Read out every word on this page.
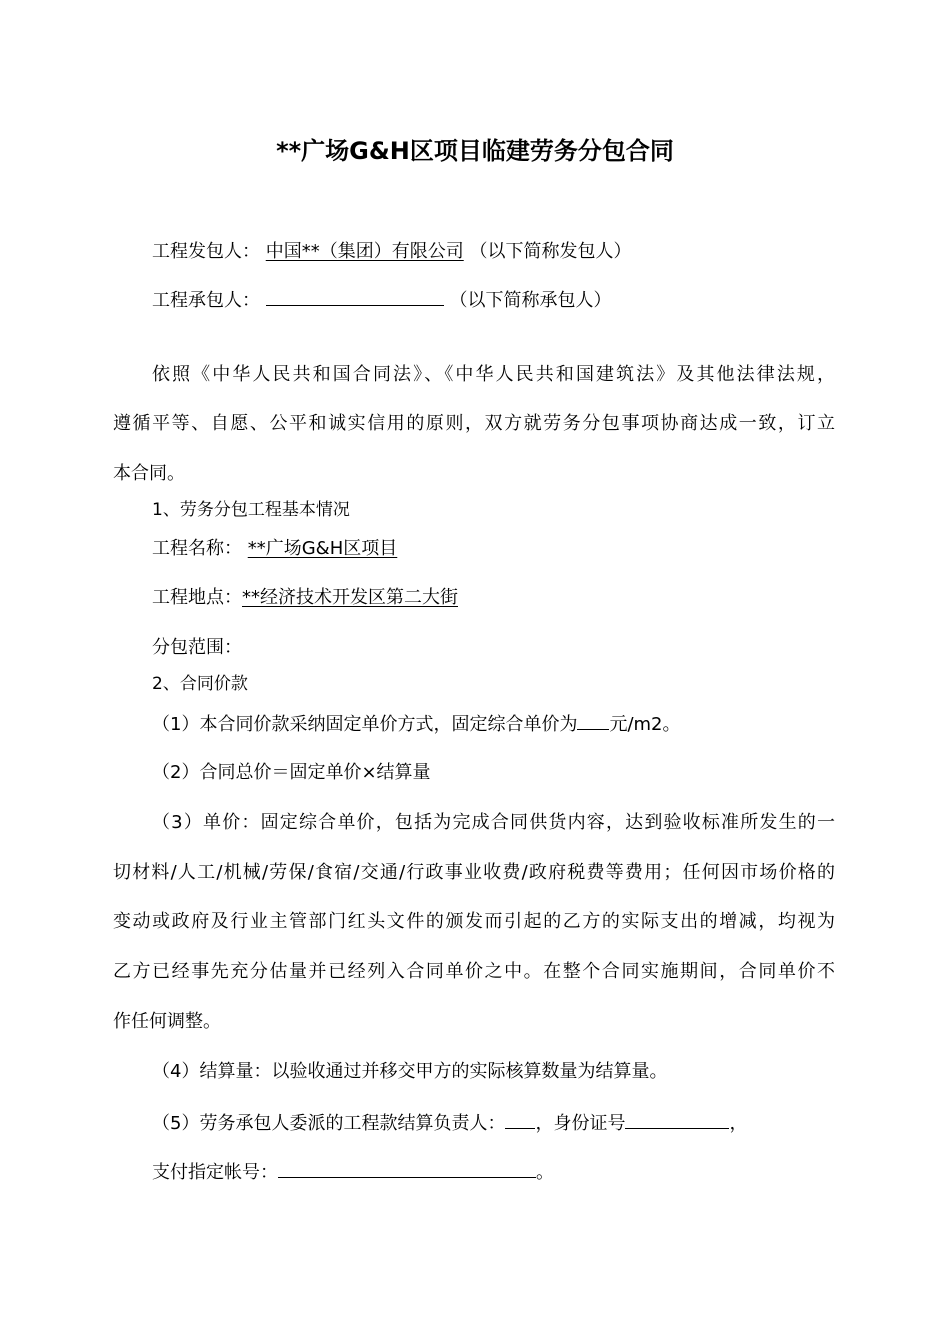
**广场G&H区项目临建劳务分包合同
工程发包人： 中国**（集团）有限公司 （以下简称发包人）
工程承包人：	（以下简称承包人）
依照《中华人民共和国合同法》、《中华人民共和国建筑法》及其他法律法规，
遵循平等、自愿、公平和诚实信用的原则，双方就劳务分包事项协商达成一致，订立
本合同。
1、劳务分包工程基本情况
工程名称： **广场G&H区项目
工程地点：**经济技术开发区第二大街
分包范围：
2、合同价款
（1）本合同价款采纳固定单价方式，固定综合单价为 元/m2。
（2）合同总价＝固定单价×结算量
（3）单价：固定综合单价，包括为完成合同供货内容，达到验收标准所发生的一
切材料/人工/机械/劳保/食宿/交通/行政事业收费/政府税费等费用；任何因市场价格的
变动或政府及行业主管部门红头文件的颁发而引起的乙方的实际支出的增减，均视为
乙方已经事先充分估量并已经列入合同单价之中。在整个合同实施期间，合同单价不
作任何调整。
（4）结算量：以验收通过并移交甲方的实际核算数量为结算量。
（5）劳务承包人委派的工程款结算负责人： ，身份证号	，
支付指定帐号：	。
